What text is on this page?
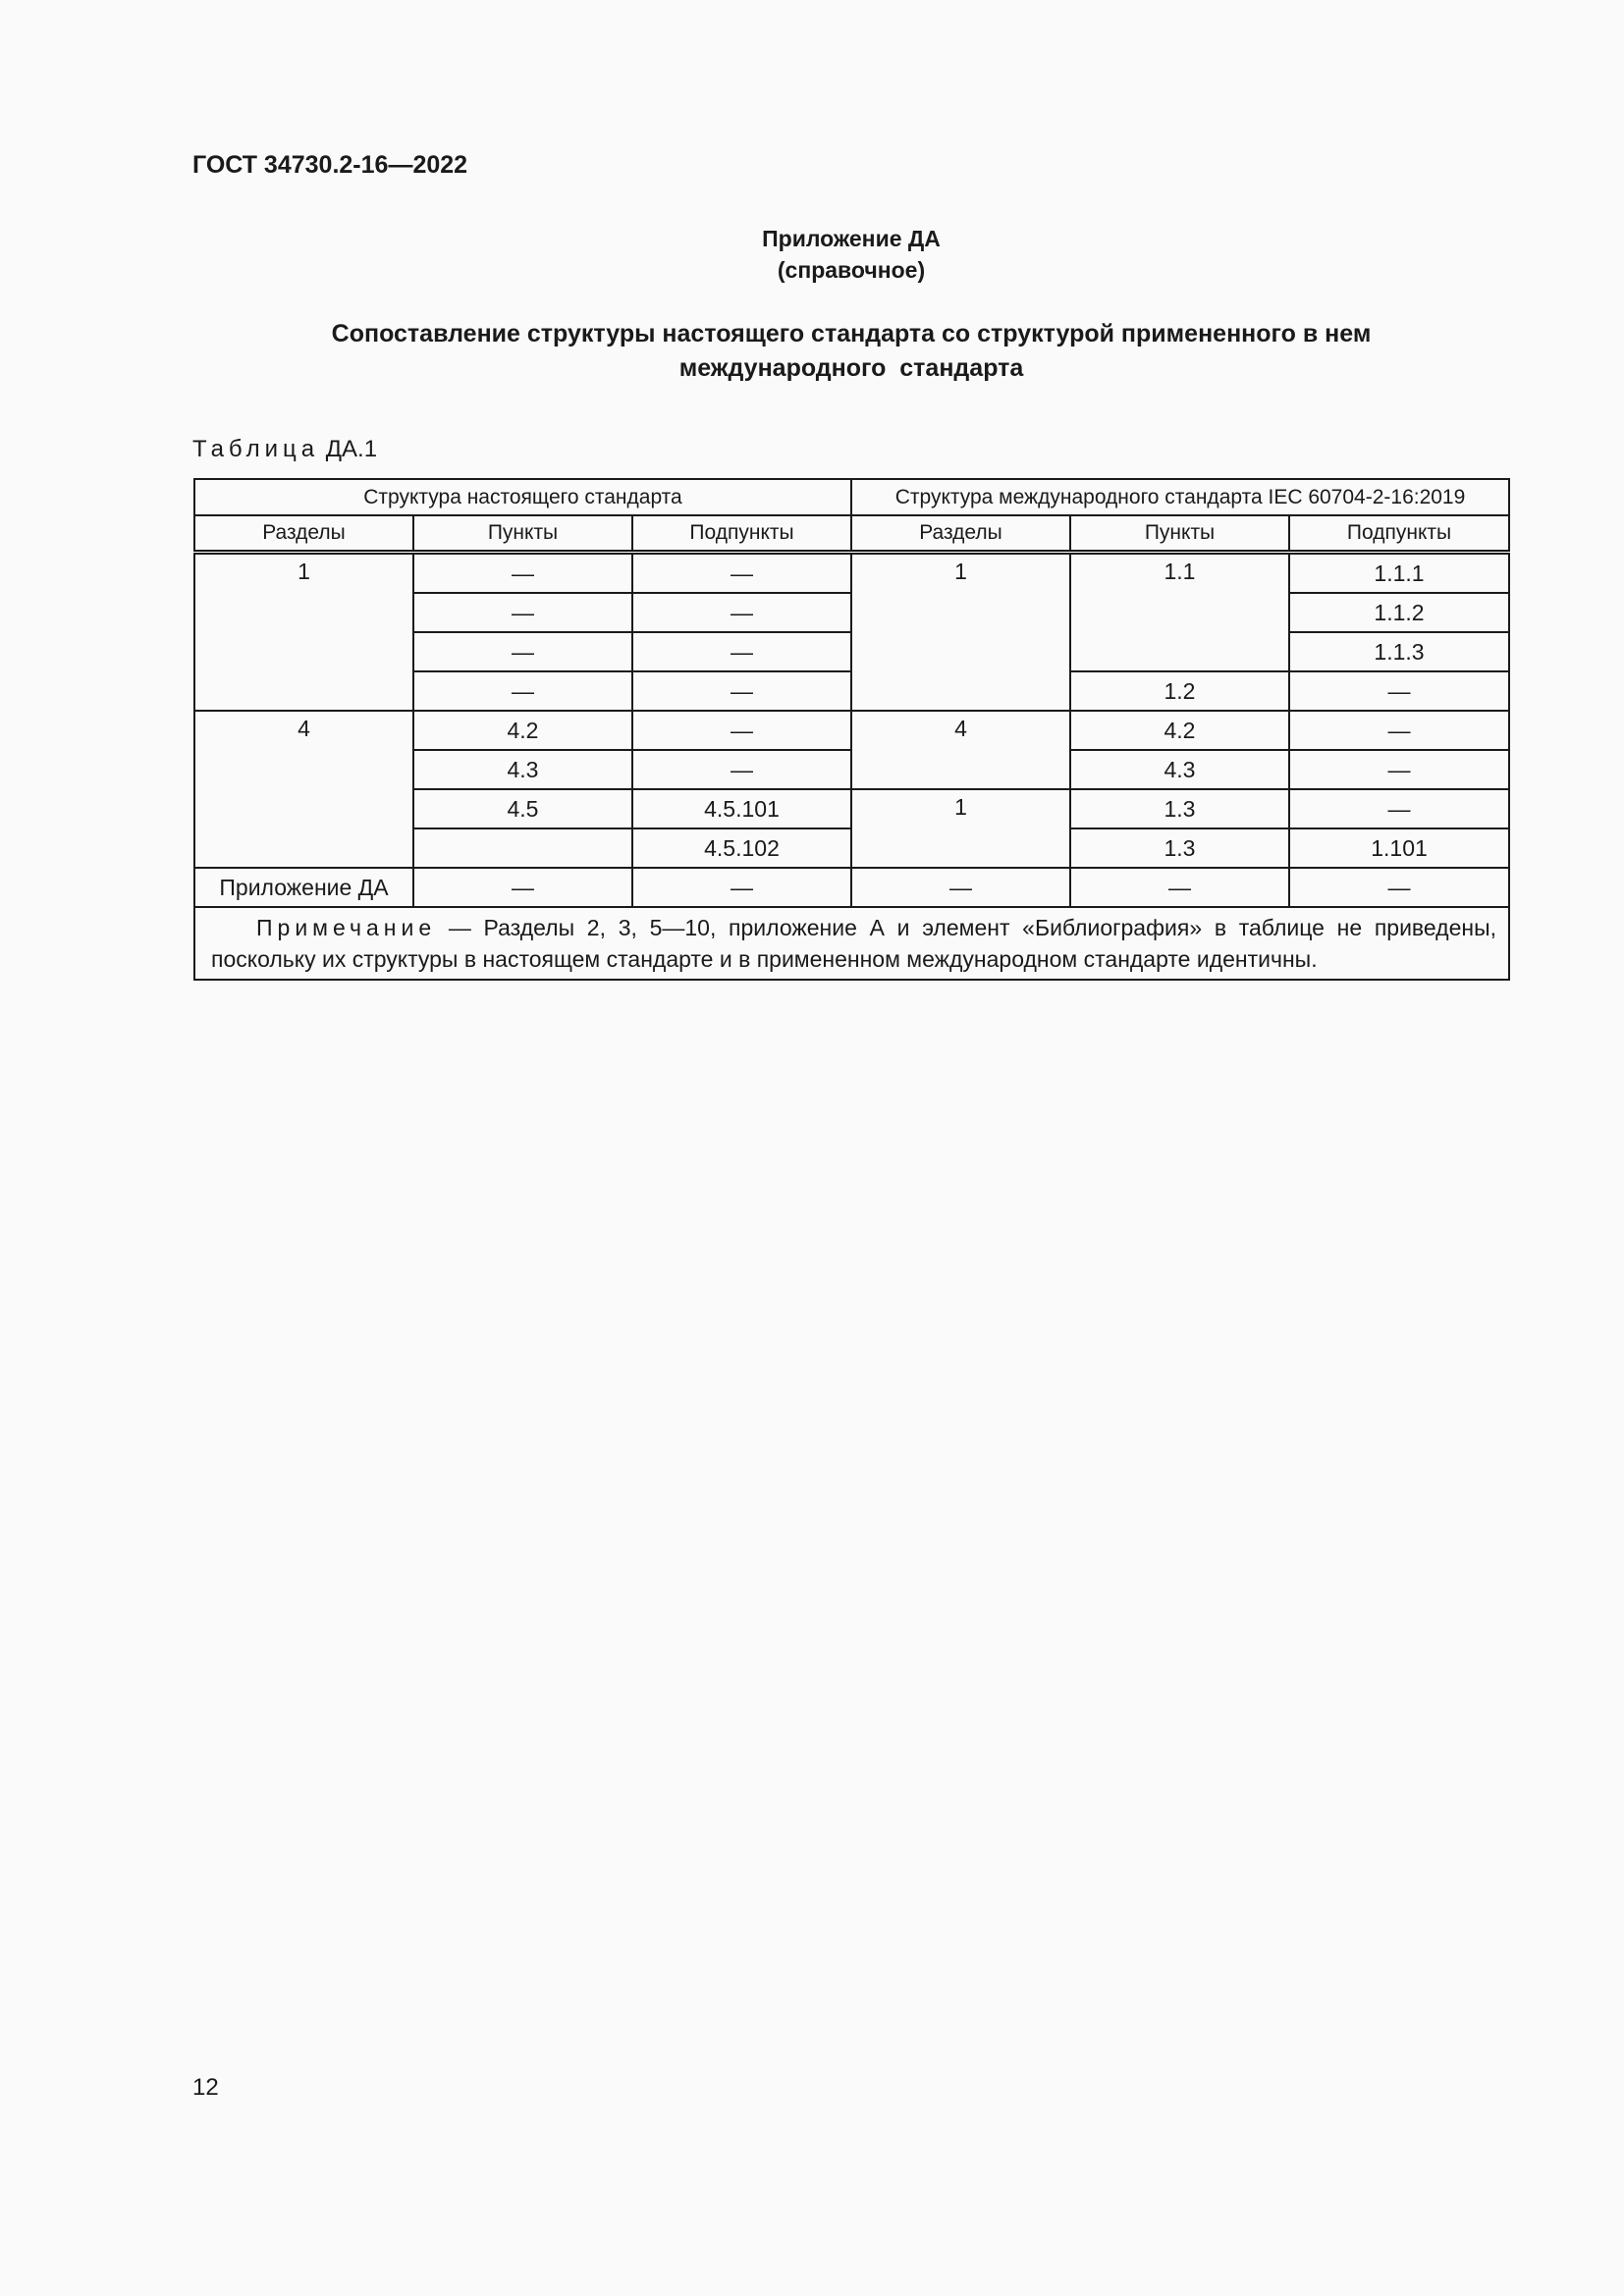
ГОСТ 34730.2-16—2022
Приложение ДА
(справочное)
Сопоставление структуры настоящего стандарта со структурой примененного в нем
международного  стандарта
Таблица ДА.1
Структура настоящего стандарта			Структура международного стандарта IEC 60704-2-16:2019		
Разделы	Пункты	Подпункты	Разделы	Пункты	Подпункты
1	—	—	1	1.1	1.1.1
	—	—			1.1.2
	—	—			1.1.3
	—	—		1.2	—
4	4.2	—	4	4.2	—
	4.3	—		4.3	—
	4.5	4.5.101	1	1.3	—
		4.5.102		1.3	1.101
Приложение ДА	—	—	—	—	—
Примечание — Разделы 2, 3, 5—10, приложение А и элемент «Библиография» в таблице не приведены, поскольку их структуры в настоящем стандарте и в примененном международном стандарте идентичны.					
12
